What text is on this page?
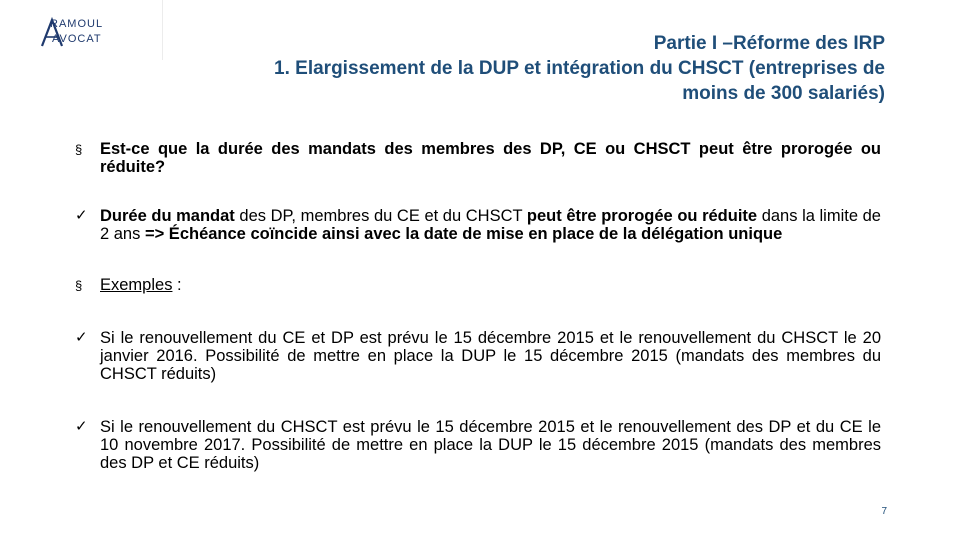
RAMOUL
AVOCAT	Partie I –Réforme des IRP
1. Elargissement de la DUP et intégration du CHSCT (entreprises de
moins de 300 salariés)
§	Est-ce que la durée des mandats des membres des DP, CE ou CHSCT peut être prorogée ou réduite?
✓ Durée du mandat des DP, membres du CE et du CHSCT peut être prorogée ou réduite dans la limite de 2 ans => Échéance coïncide ainsi avec la date de mise en place de la délégation unique
§	Exemples :
✓ Si le renouvellement du CE et DP est prévu le 15 décembre 2015 et le renouvellement du CHSCT le 20 janvier 2016. Possibilité de mettre en place la DUP le 15 décembre 2015 (mandats des membres du CHSCT réduits)
✓ Si le renouvellement du CHSCT est prévu le 15 décembre 2015 et le renouvellement des DP et du CE le 10 novembre 2017. Possibilité de mettre en place la DUP le 15 décembre 2015 (mandats des membres des DP et CE réduits)
7
